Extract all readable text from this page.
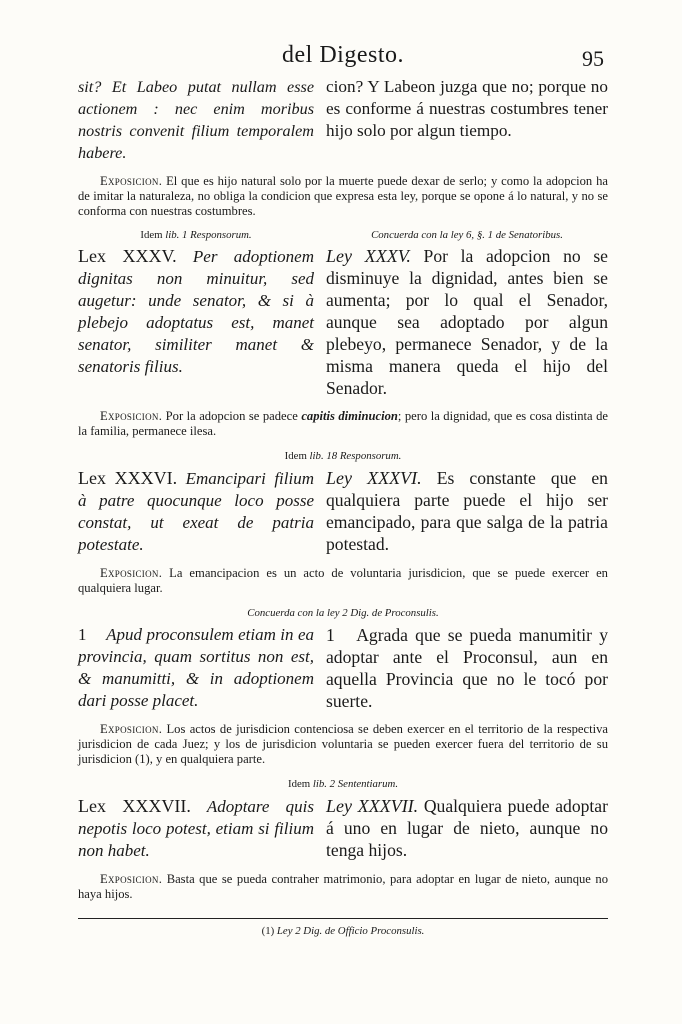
del Digesto.	95
sit? Et Labeo putat nullam esse actionem : nec enim moribus nostris convenit filium temporalem habere.
cion? Y Labeon juzga que no; porque no es conforme á nuestras costumbres tener hijo solo por algun tiempo.
Exposicion. El que es hijo natural solo por la muerte puede dexar de serlo; y como la adopcion ha de imitar la naturaleza, no obliga la condicion que expresa esta ley, porque se opone á lo natural, y no se conforma con nuestras costumbres.
Idem lib. 1 Responsorum.	Concuerda con la ley 6, §. 1 de Senatoribus.
Lex XXXV. Per adoptionem dignitas non minuitur, sed augetur: unde senator, & si à plebejo adoptatus est, manet senator, similiter manet & senatoris filius.
Ley XXXV. Por la adopcion no se disminuye la dignidad, antes bien se aumenta; por lo qual el Senador, aunque sea adoptado por algun plebeyo, permanece Senador, y de la misma manera queda el hijo del Senador.
Exposicion. Por la adopcion se padece capitis diminucion; pero la dignidad, que es cosa distinta de la familia, permanece ilesa.
Idem lib. 18 Responsorum.
Lex XXXVI. Emancipari filium à patre quocunque loco posse constat, ut exeat de patria potestate.
Ley XXXVI. Es constante que en qualquiera parte puede el hijo ser emancipado, para que salga de la patria potestad.
Exposicion. La emancipacion es un acto de voluntaria jurisdicion, que se puede exercer en qualquiera lugar.
Concuerda con la ley 2 Dig. de Proconsulis.
1 Apud proconsulem etiam in ea provincia, quam sortitus non est, & manumitti, & in adoptionem dari posse placet.
1 Agrada que se pueda manumitir y adoptar ante el Proconsul, aun en aquella Provincia que no le tocó por suerte.
Exposicion. Los actos de jurisdicion contenciosa se deben exercer en el territorio de la respectiva jurisdicion de cada Juez; y los de jurisdicion voluntaria se pueden exercer fuera del territorio de su jurisdicion (1), y en qualquiera parte.
Idem lib. 2 Sententiarum.
Lex XXXVII. Adoptare quis nepotis loco potest, etiam si filium non habet.
Ley XXXVII. Qualquiera puede adoptar á uno en lugar de nieto, aunque no tenga hijos.
Exposicion. Basta que se pueda contraher matrimonio, para adoptar en lugar de nieto, aunque no haya hijos.
(1) Ley 2 Dig. de Officio Proconsulis.
